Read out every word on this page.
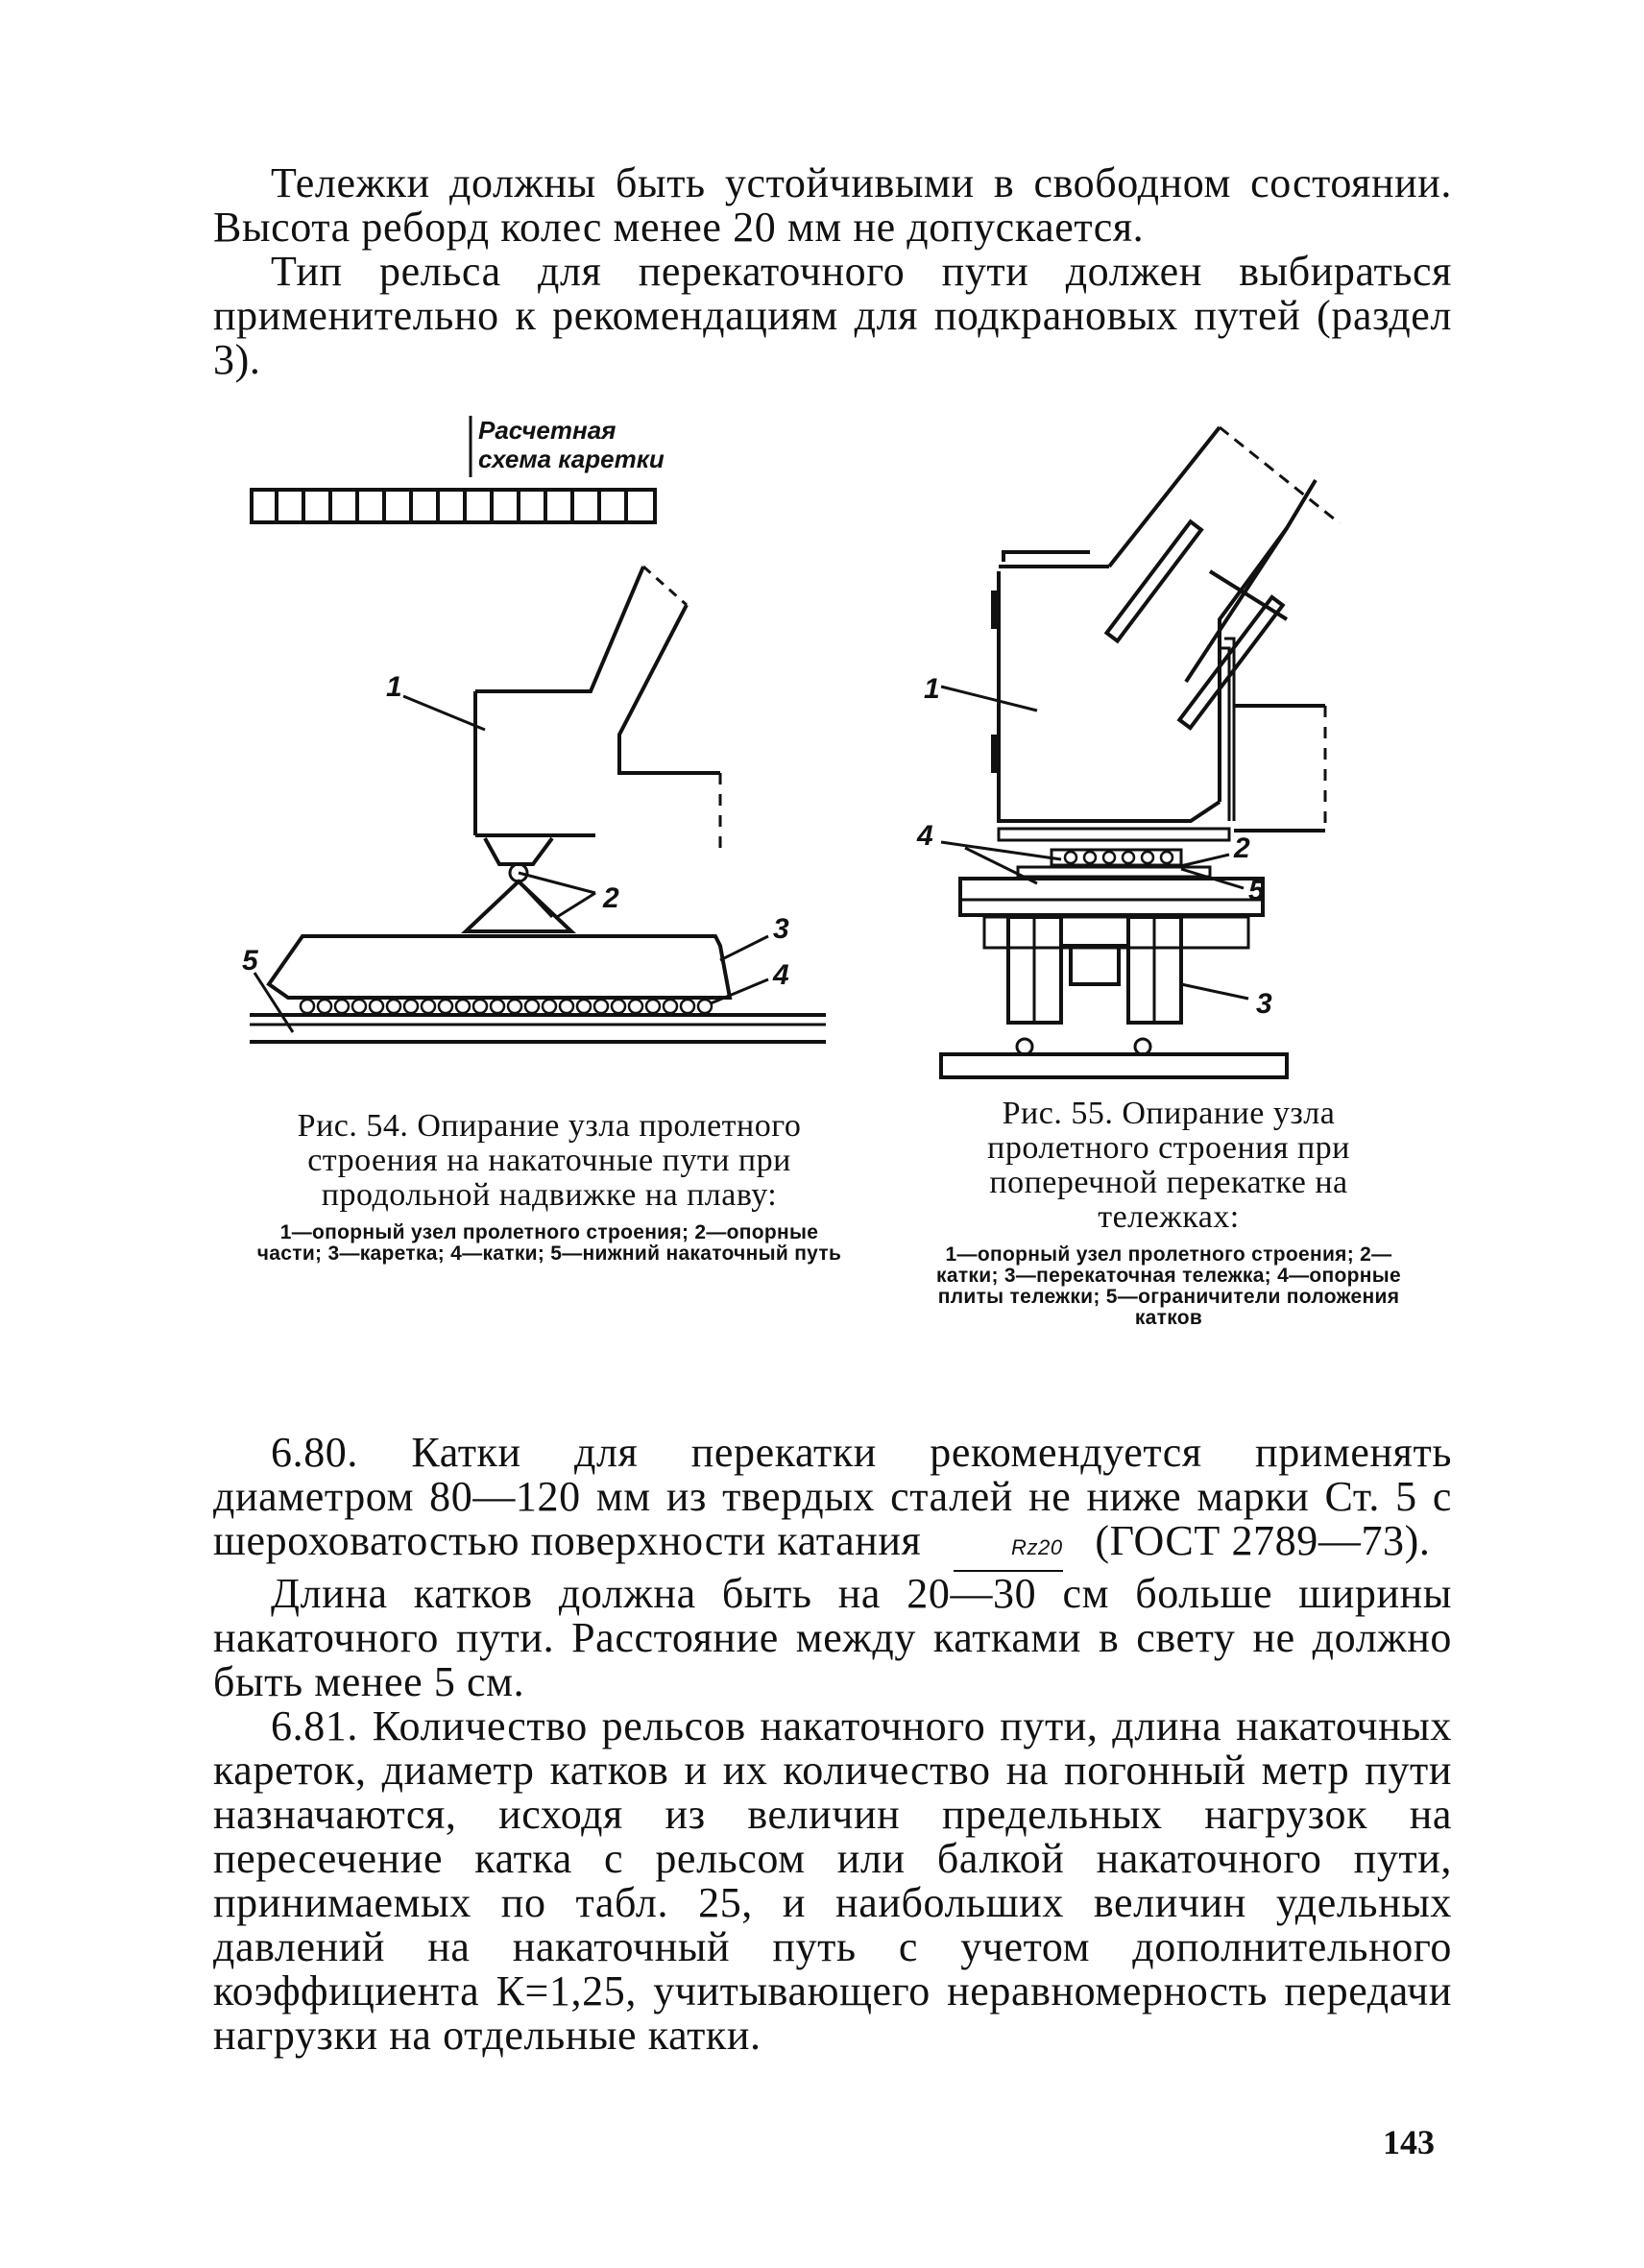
Тележки должны быть устойчивыми в свободном состоянии. Высота реборд колес менее 20 мм не допускается.

Тип рельса для перекаточного пути должен выбираться применительно к рекомендациям для подкрановых путей (раздел 3).

Расчетная
схема каретки
1
2
3
4
5
1
2
3
4
5
Рис. 54. Опирание узла пролетного строения на накаточные пути при продольной надвижке на плаву:
1—опорный узел пролетного строения; 2—опорные части; 3—каретка; 4—катки; 5—нижний накаточный путь
Рис. 55. Опирание узла пролетного строения при поперечной перекатке на тележках:
1—опорный узел пролетного строения; 2—катки; 3—перекаточная тележка; 4—опорные плиты тележки; 5—ограничители положения катков

6.80. Катки для перекатки рекомендуется применять диаметром 80—120 мм из твердых сталей не ниже марки Ст. 5 с шероховатостью поверхности катания	Rz20 (ГОСТ 2789—73).

Длина катков должна быть на 20—30 см больше ширины накаточного пути. Расстояние между катками в свету не должно быть менее 5 см.

6.81. Количество рельсов накаточного пути, длина накаточных кареток, диаметр катков и их количество на погонный метр пути назначаются, исходя из величин предельных нагрузок на пересечение катка с рельсом или балкой накаточного пути, принимаемых по табл. 25, и наибольших величин удельных давлений на накаточный путь с учетом дополнительного коэффициента К=1,25, учитывающего неравномерность передачи нагрузки на отдельные катки.

143
